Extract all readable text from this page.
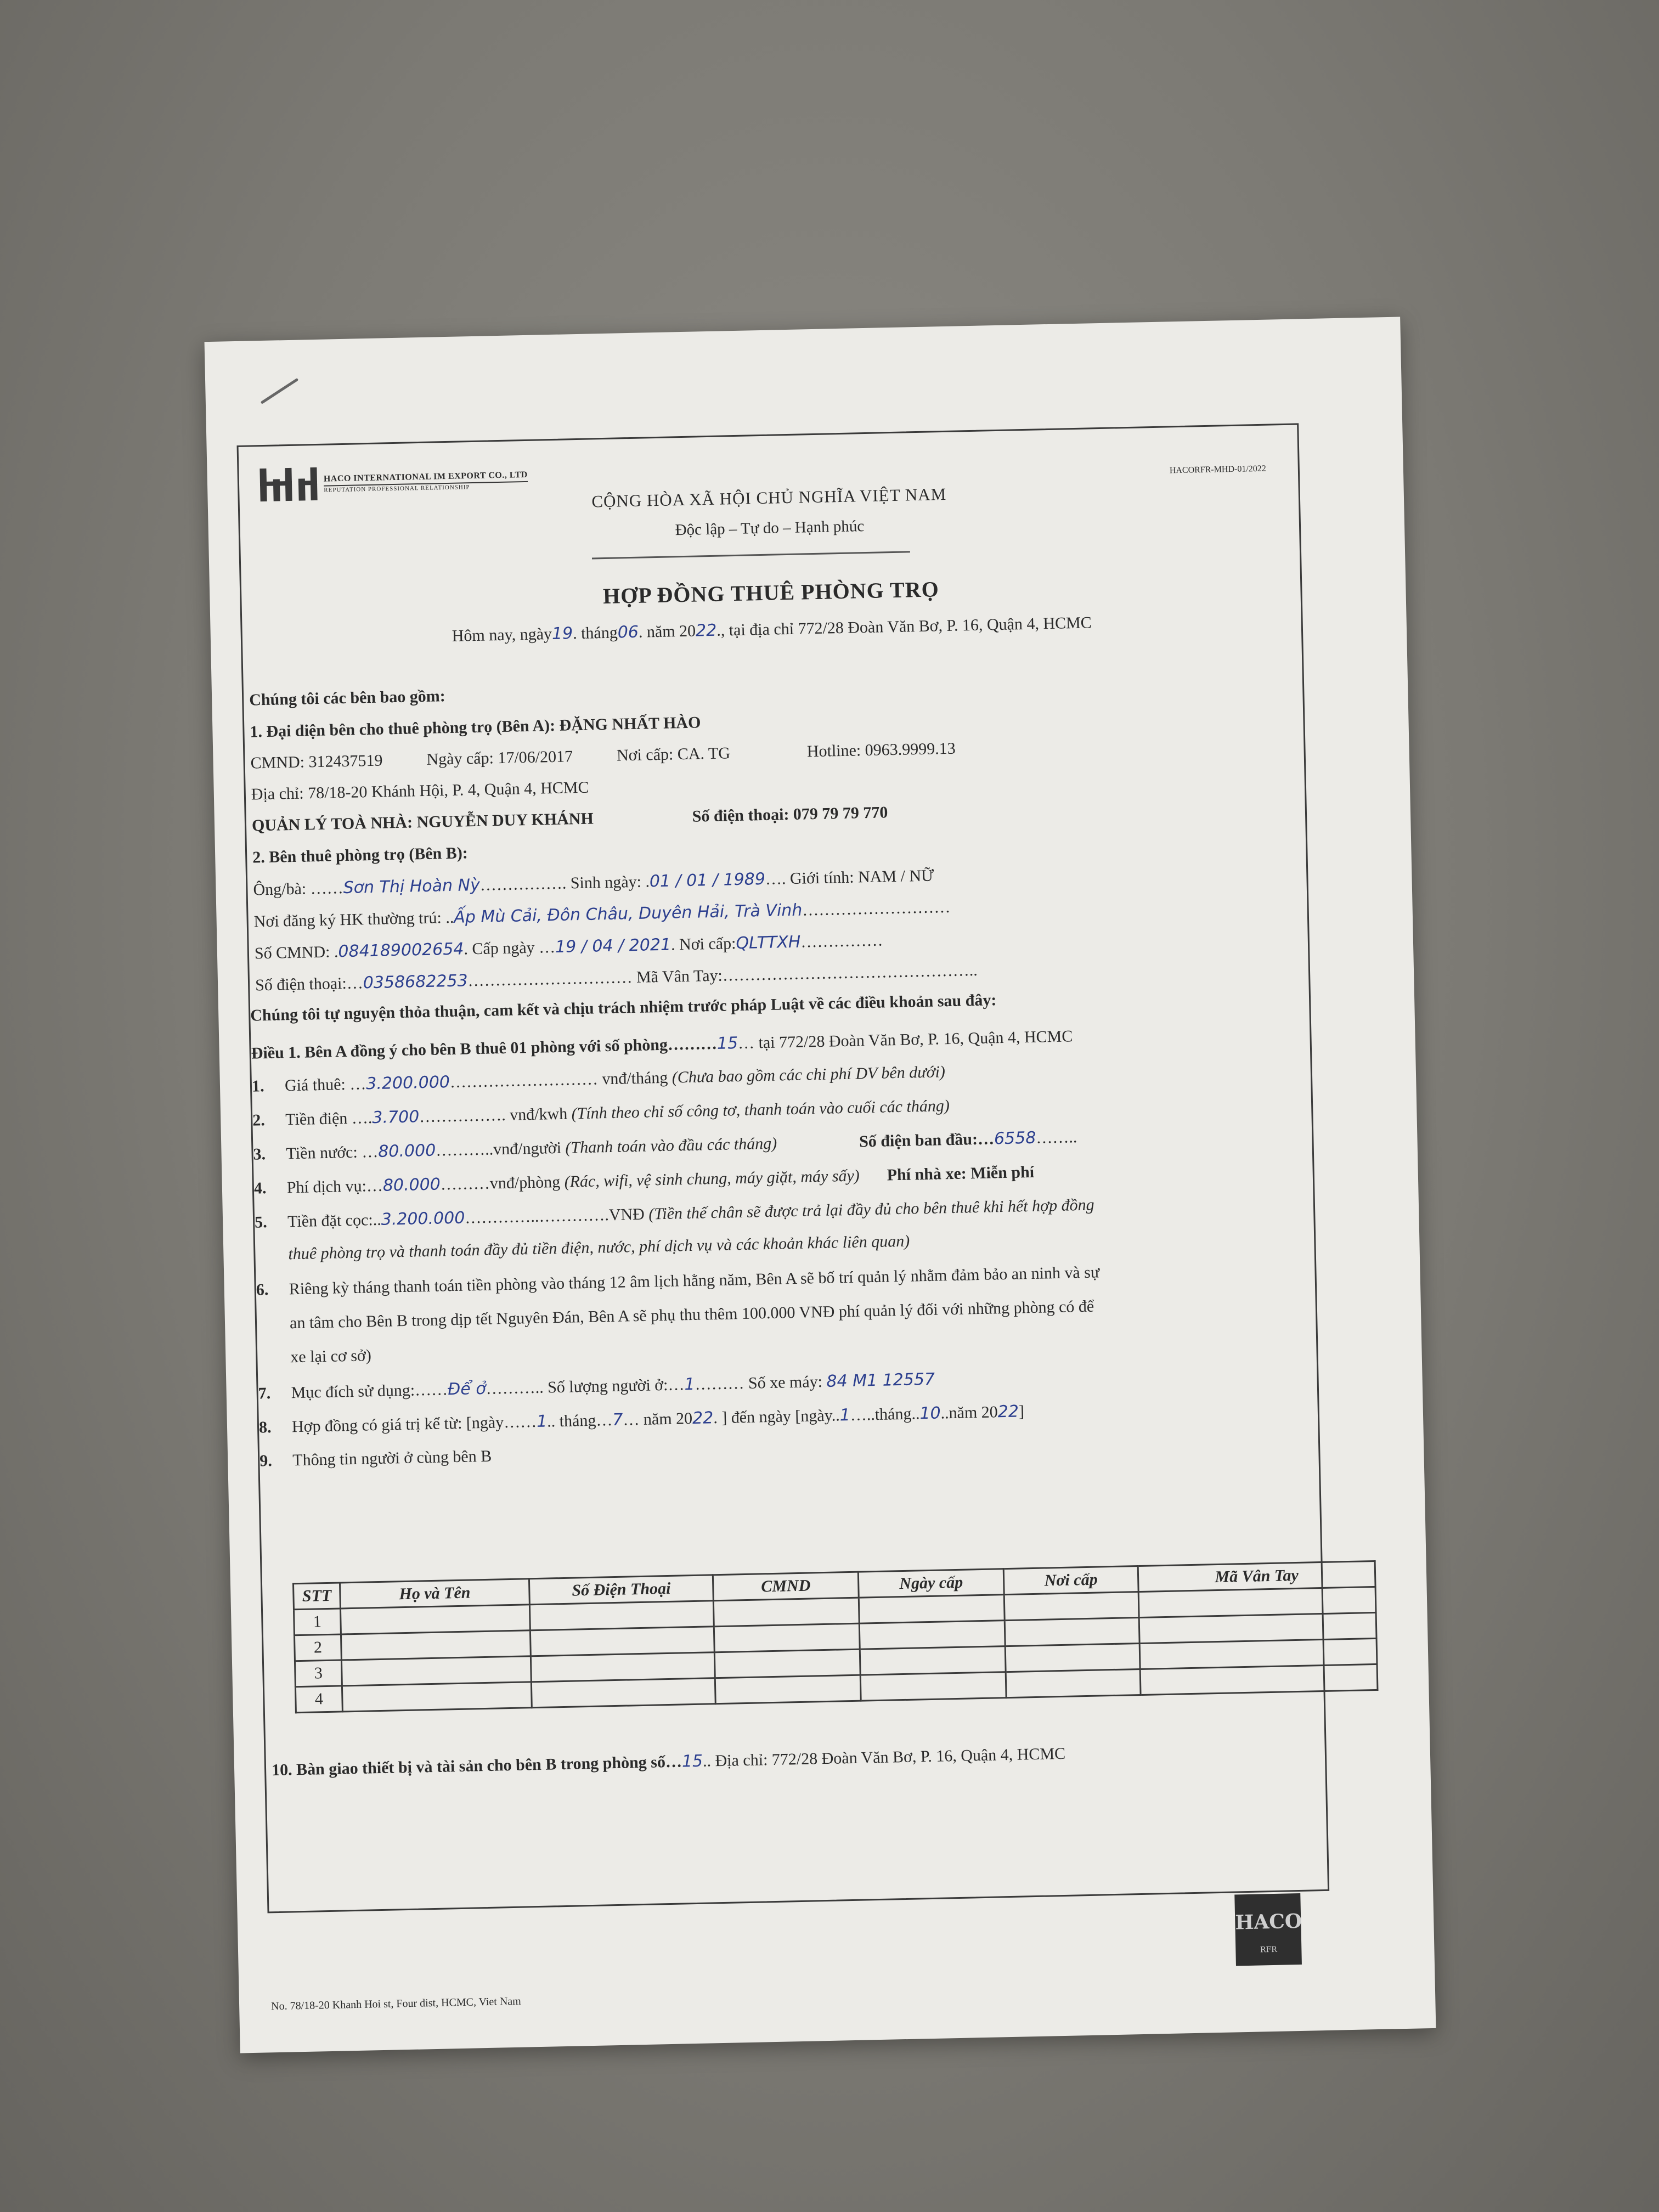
HACO INTERNATIONAL IM EXPORT CO., LTD
REPUTATION PROFESSIONAL RELATIONSHIP
HACORFR-MHD-01/2022
CỘNG HÒA XÃ HỘI CHỦ NGHĨA VIỆT NAM
Độc lập – Tự do – Hạnh phúc
HỢP ĐỒNG THUÊ PHÒNG TRỌ
Hôm nay, ngày19. tháng06. năm 2022., tại địa chỉ 772/28 Đoàn Văn Bơ, P. 16, Quận 4, HCMC
Chúng tôi các bên bao gồm:
1. Đại diện bên cho thuê phòng trọ (Bên A): ĐẶNG NHẤT HÀO
CMND: 312437519	Ngày cấp: 17/06/2017	Nơi cấp: CA. TG	Hotline: 0963.9999.13
Địa chỉ: 78/18-20 Khánh Hội, P. 4, Quận 4, HCMC
QUẢN LÝ TOÀ NHÀ: NGUYỄN DUY KHÁNH	Số điện thoại: 079 79 79 770
2. Bên thuê phòng trọ (Bên B):
Ông/bà: ……Sơn Thị Hoàn Nỳ……………. Sinh ngày: .01 / 01 / 1989…. Giới tính: NAM / NỮ
Nơi đăng ký HK thường trú: ..Ấp Mù Cải, Đôn Châu, Duyên Hải, Trà Vinh………………………
Số CMND: .084189002654. Cấp ngày …19 / 04 / 2021. Nơi cấp:QLTTXH……………
Số điện thoại:…0358682253………………………… Mã Vân Tay:………………………………………..
Chúng tôi tự nguyện thỏa thuận, cam kết và chịu trách nhiệm trước pháp Luật về các điều khoản sau đây:
Điều 1. Bên A đồng ý cho bên B thuê 01 phòng với số phòng………15… tại 772/28 Đoàn Văn Bơ, P. 16, Quận 4, HCMC
1. Giá thuê: …3.200.000……………………… vnđ/tháng (Chưa bao gồm các chi phí DV bên dưới)
2. Tiền điện ….3.700……………. vnđ/kwh (Tính theo chỉ số công tơ, thanh toán vào cuối các tháng)
3. Tiền nước: …80.000………..vnđ/người (Thanh toán vào đầu các tháng)	Số điện ban đầu:…6558……..
4. Phí dịch vụ:…80.000………vnđ/phòng (Rác, wifi, vệ sinh chung, máy giặt, máy sấy) Phí nhà xe: Miễn phí
5. Tiền đặt cọc:..3.200.000…………..………….VNĐ (Tiền thế chân sẽ được trả lại đầy đủ cho bên thuê khi hết hợp đồng
thuê phòng trọ và thanh toán đầy đủ tiền điện, nước, phí dịch vụ và các khoản khác liên quan)
6. Riêng kỳ tháng thanh toán tiền phòng vào tháng 12 âm lịch hằng năm, Bên A sẽ bố trí quản lý nhằm đảm bảo an ninh và sự
an tâm cho Bên B trong dịp tết Nguyên Đán, Bên A sẽ phụ thu thêm 100.000 VNĐ phí quản lý đối với những phòng có để
xe lại cơ sở)
7. Mục đích sử dụng:……Để ở……….. Số lượng người ở:…1……… Số xe máy: 84 M1 12557
8. Hợp đồng có giá trị kể từ: [ngày……1.. tháng…7… năm 2022. ] đến ngày [ngày..1…..tháng..10..năm 2022]
9. Thông tin người ở cùng bên B
STT	Họ và Tên	Số Điện Thoại	CMND	Ngày cấp	Nơi cấp	Mã Vân Tay
1						
2						
3						
4						
10. Bàn giao thiết bị và tài sản cho bên B trong phòng số…15.. Địa chỉ: 772/28 Đoàn Văn Bơ, P. 16, Quận 4, HCMC
No. 78/18-20 Khanh Hoi st, Four dist, HCMC, Viet Nam
HACO
RFR
